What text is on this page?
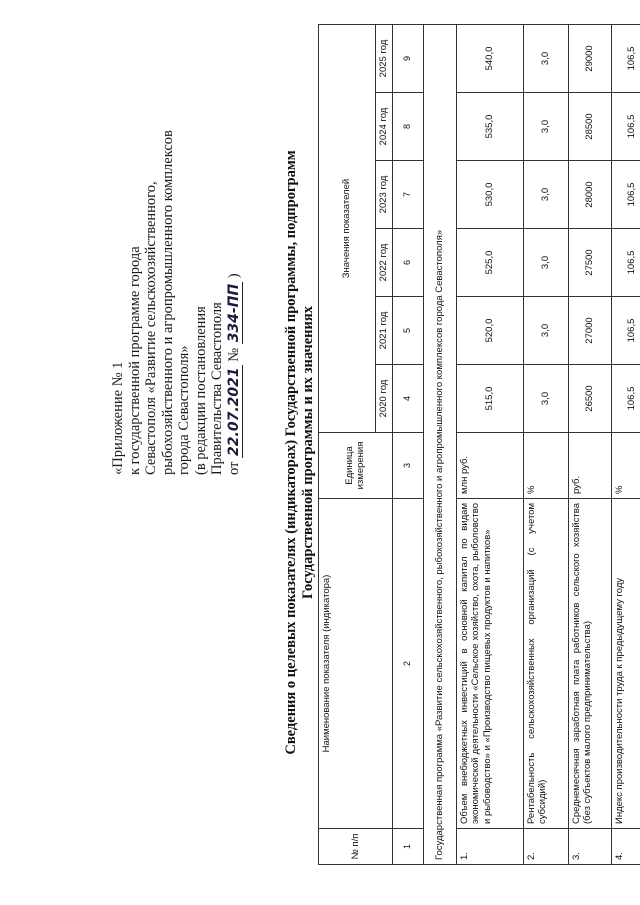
«Приложение № 1 к государственной программе города Севастополя «Развитие сельскохозяйственного, рыбохозяйственного и агропромышленного комплексов города Севастополя» (в редакции постановления Правительства Севастополя от 22.07.2021 № 334-ПП )	Сведения о целевых показателях (индикаторах) Государственной программы, подпрограмм Государственной программы и их значениях
№ п/п	Наименование показателя (индикатора)	Единица измерения	Значения показателей					
			2020 год	2021 год	2022 год	2023 год	2024 год	2025 год
1	2	3	4	5	6	7	8	9
Государственная программа «Развитие сельскохозяйственного, рыбохозяйственного и агропромышленного комплексов города Севастополя»								
1.	Объем внебюджетных инвестиций в основной капитал по видам экономической деятельности «Сельское хозяйство, охота, рыболовство и рыбоводство» и «Производство пищевых продуктов и напитков»	млн руб.	515,0	520,0	525,0	530,0	535,0	540,0
2.	Рентабельность сельскохозяйственных организаций (с учетом субсидий)	%	3,0	3,0	3,0	3,0	3,0	3,0
3.	Среднемесячная заработная плата работников сельского хозяйства (без субъектов малого предпринимательства)	руб.	26500	27000	27500	28000	28500	29000
4.	Индекс производительности труда к предыдущему году	%	106,5	106,5	106,5	106,5	106,5	106,5
